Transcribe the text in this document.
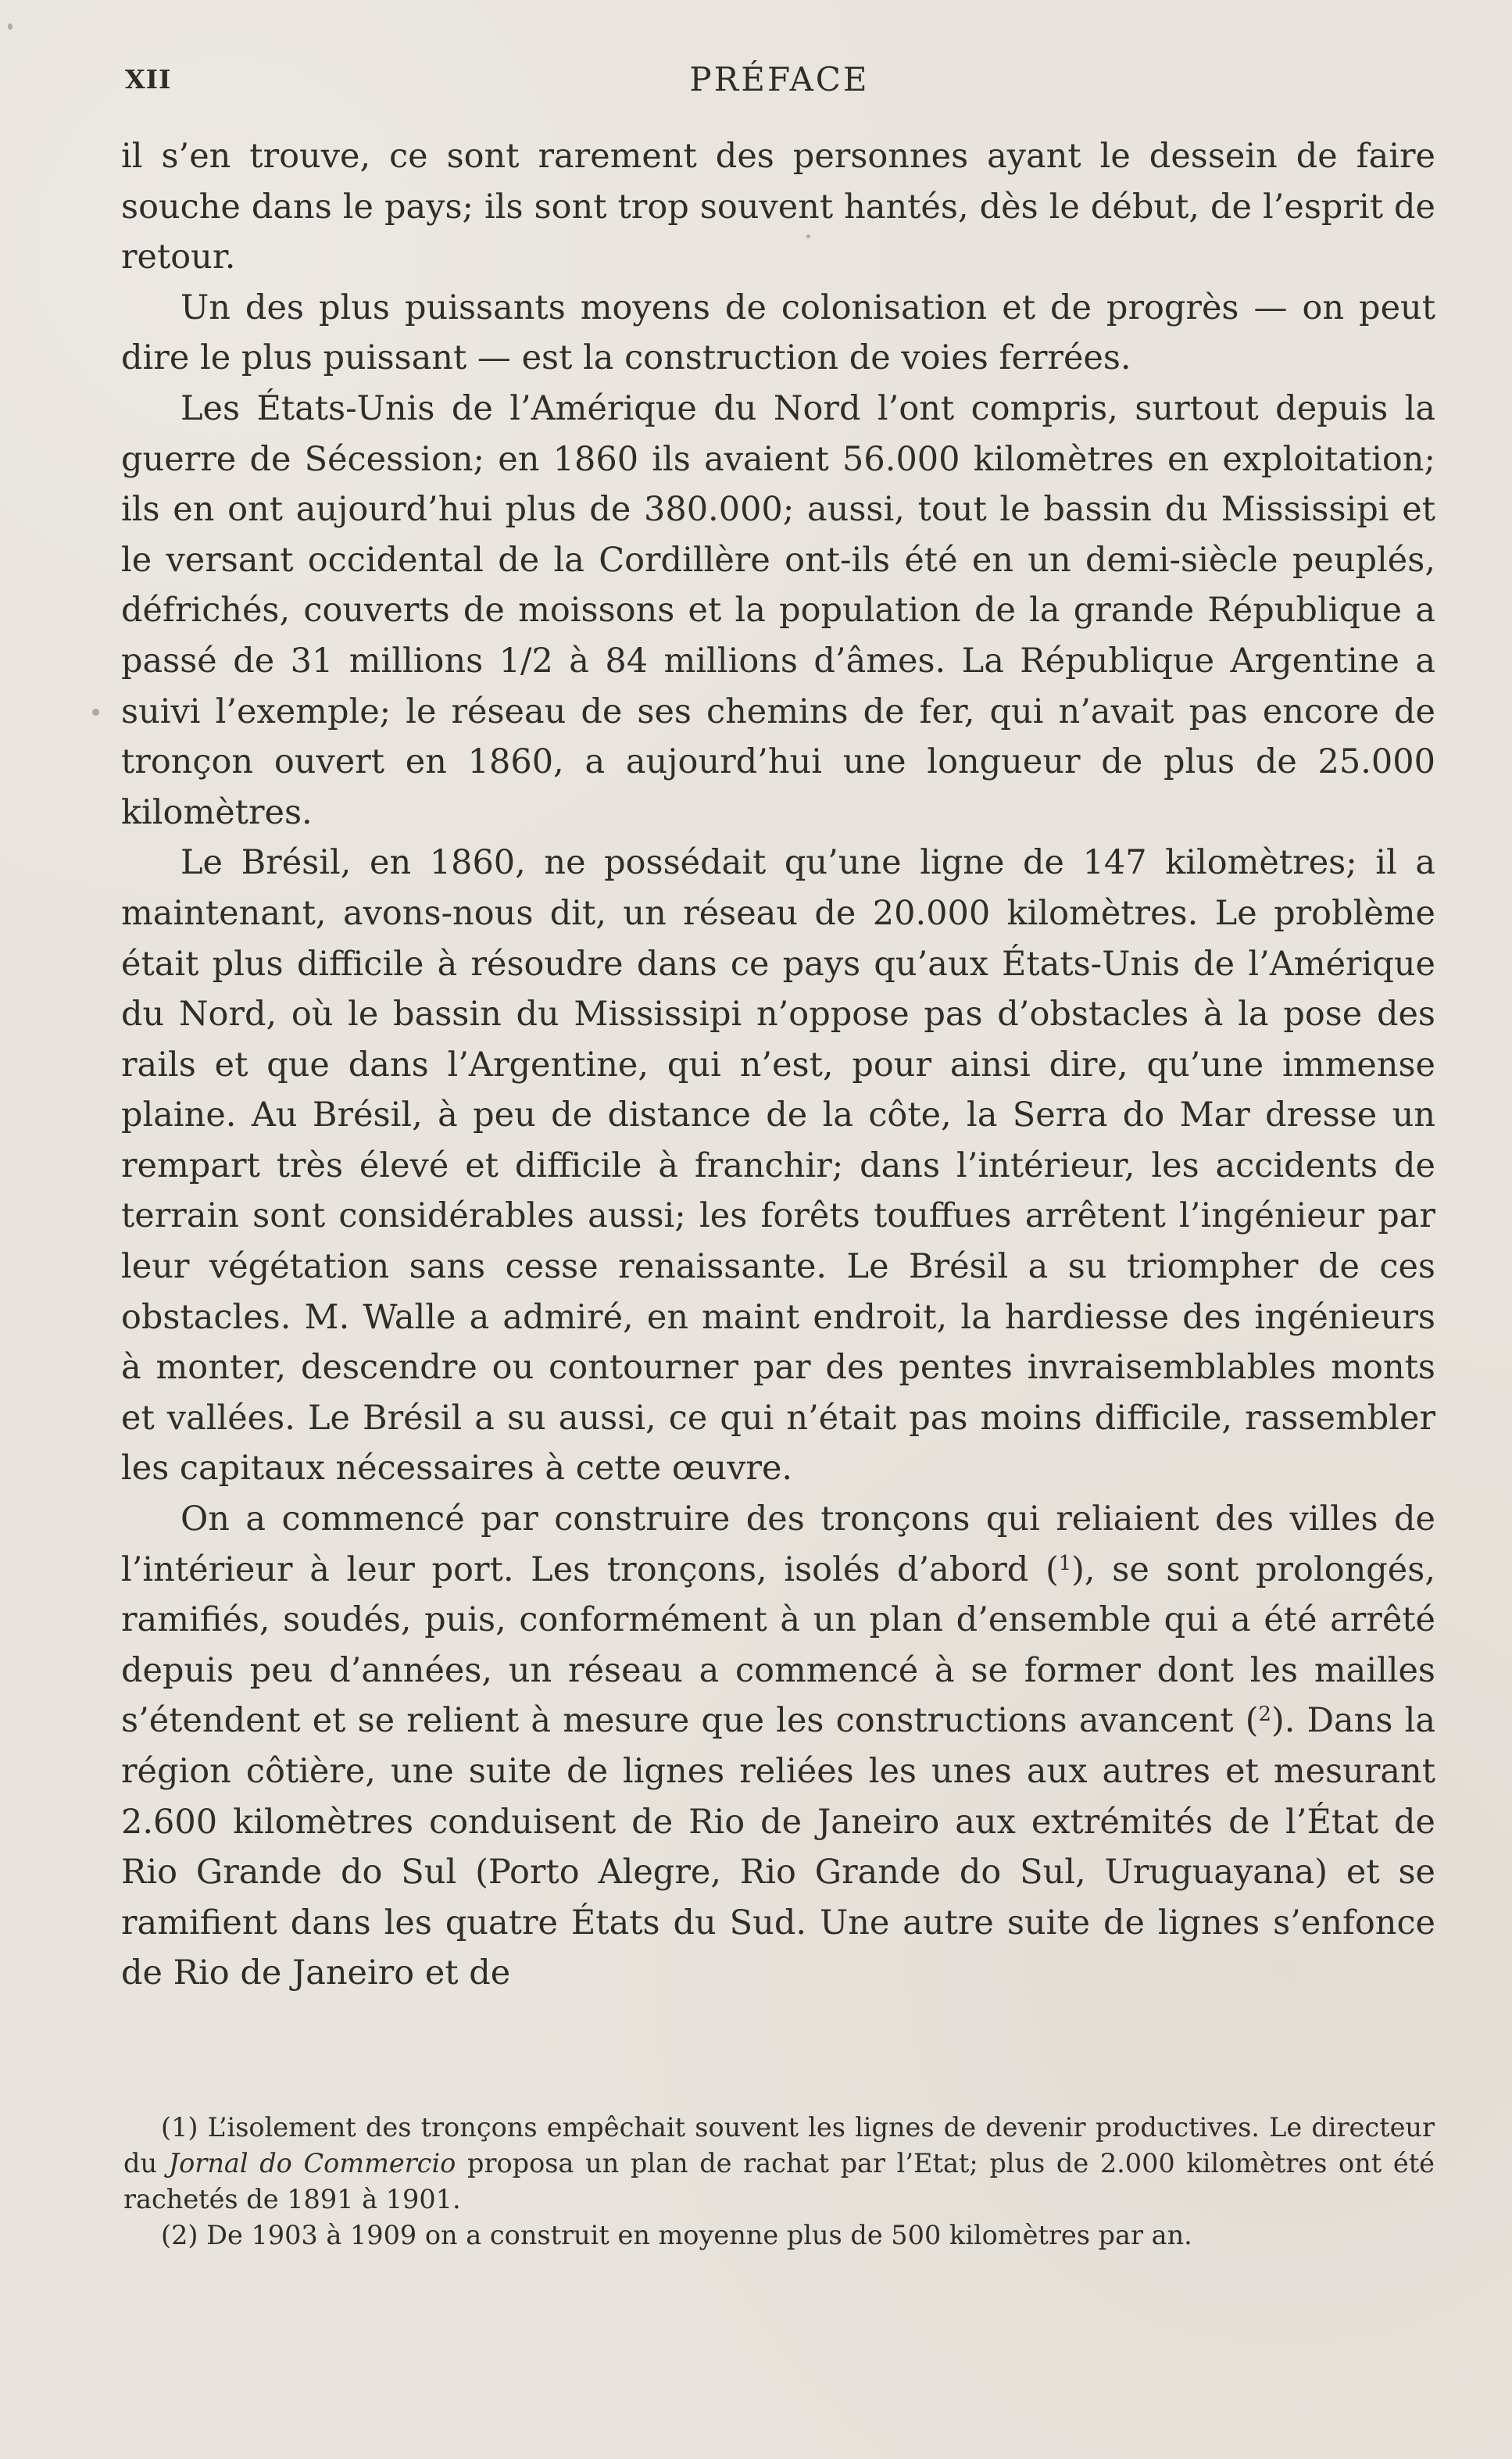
XII	PRÉFACE

il s’en trouve, ce sont rarement des personnes ayant le dessein de faire souche dans le pays; ils sont trop souvent hantés, dès le début, de l’esprit de retour.

Un des plus puissants moyens de colonisation et de progrès — on peut dire le plus puissant — est la construction de voies ferrées.

Les États-Unis de l’Amérique du Nord l’ont compris, surtout depuis la guerre de Sécession; en 1860 ils avaient 56.000 kilomètres en exploitation; ils en ont aujourd’hui plus de 380.000; aussi, tout le bassin du Mississipi et le versant occidental de la Cordillère ont-ils été en un demi-siècle peuplés, défrichés, couverts de moissons et la population de la grande République a passé de 31 millions 1/2 à 84 millions d’âmes. La République Argentine a suivi l’exemple; le réseau de ses chemins de fer, qui n’avait pas encore de tronçon ouvert en 1860, a aujourd’hui une longueur de plus de 25.000 kilomètres.

Le Brésil, en 1860, ne possédait qu’une ligne de 147 kilomètres; il a maintenant, avons-nous dit, un réseau de 20.000 kilomètres. Le problème était plus difficile à résoudre dans ce pays qu’aux États-Unis de l’Amérique du Nord, où le bassin du Mississipi n’oppose pas d’obstacles à la pose des rails et que dans l’Argentine, qui n’est, pour ainsi dire, qu’une immense plaine. Au Brésil, à peu de distance de la côte, la Serra do Mar dresse un rempart très élevé et difficile à franchir; dans l’intérieur, les accidents de terrain sont considérables aussi; les forêts touffues arrêtent l’ingénieur par leur végétation sans cesse renaissante. Le Brésil a su triompher de ces obstacles. M. Walle a admiré, en maint endroit, la hardiesse des ingénieurs à monter, descendre ou contourner par des pentes invraisemblables monts et vallées. Le Brésil a su aussi, ce qui n’était pas moins difficile, rassembler les capitaux nécessaires à cette œuvre.

On a commencé par construire des tronçons qui reliaient des villes de l’intérieur à leur port. Les tronçons, isolés d’abord ($^1$), se sont prolongés, ramifiés, soudés, puis, conformément à un plan d’ensemble qui a été arrêté depuis peu d’années, un réseau a commencé à se former dont les mailles s’étendent et se relient à mesure que les constructions avancent ($^2$). Dans la région côtière, une suite de lignes reliées les unes aux autres et mesurant 2.600 kilomètres conduisent de Rio de Janeiro aux extrémités de l’État de Rio Grande do Sul (Porto Alegre, Rio Grande do Sul, Uruguayana) et se ramifient dans les quatre États du Sud. Une autre suite de lignes s’enfonce de Rio de Janeiro et de

(1) L’isolement des tronçons empêchait souvent les lignes de devenir productives. Le directeur du Jornal do Commercio proposa un plan de rachat par l’Etat; plus de 2.000 kilomètres ont été rachetés de 1891 à 1901.

(2) De 1903 à 1909 on a construit en moyenne plus de 500 kilomètres par an.
